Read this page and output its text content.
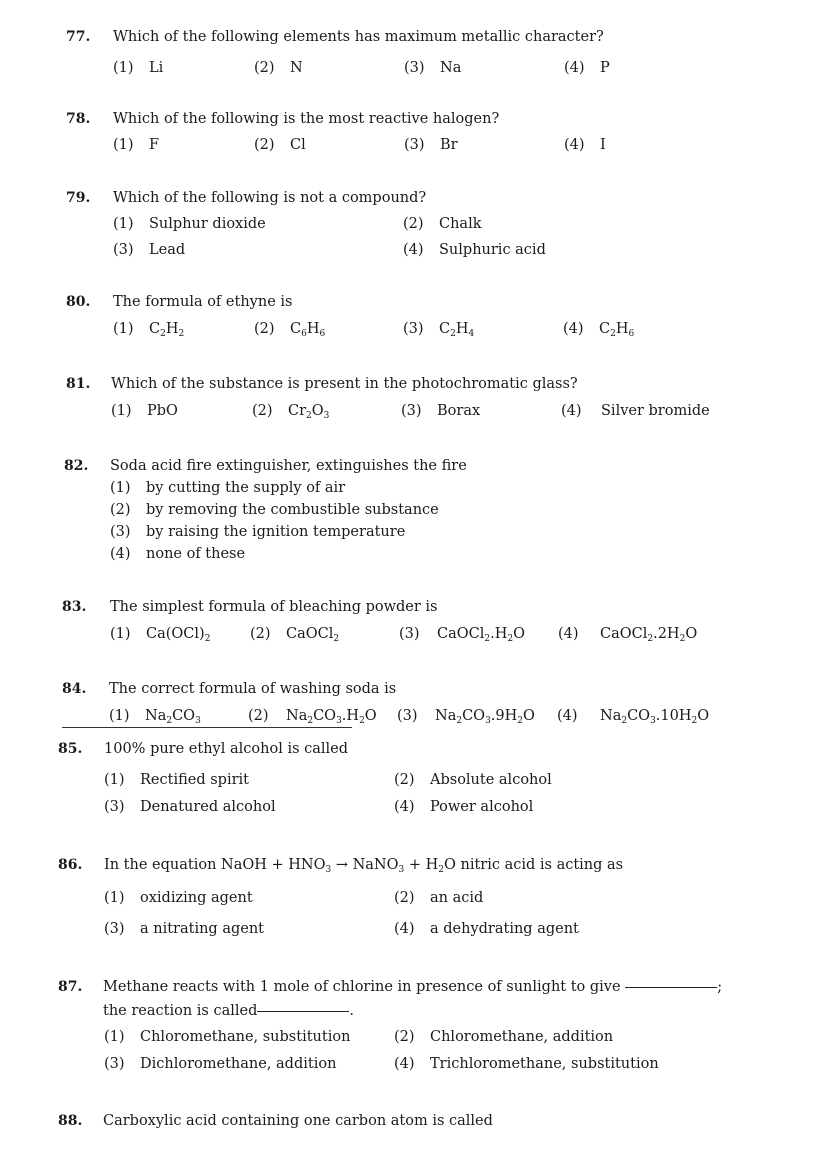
77. Which of the following elements has maximum metallic character?
(1) Li	(2) N	(3) Na	(4) P
78. Which of the following is the most reactive halogen?
(1) F	(2) Cl	(3) Br	(4) I
79. Which of the following is not a compound?
(1) Sulphur dioxide	(2) Chalk
(3) Lead	(4) Sulphuric acid
80. The formula of ethyne is
(1) $C_2H_2$	(2) $C_6H_6$	(3) $C_2H_4$	(4) $C_2H_6$
81. Which of the substance is present in the photochromatic glass?
(1) PbO	(2) $Cr_2O_3$	(3) Borax	(4) Silver bromide
82. Soda acid fire extinguisher, extinguishes the fire
(1) by cutting the supply of air
(2) by removing the combustible substance
(3) by raising the ignition temperature
(4) none of these
83. The simplest formula of bleaching powder is
(1) $Ca(OCl)_2$	(2) CaOCl$_2$	(3) $CaOCl_2.H_2O$ (4) $CaOCl_2.2H_2O$
84. The correct formula of washing soda is
(1) $Na_2CO_3$	(2) $Na_2CO_3.H_2O$ (3) $Na_2CO_3.9H_2O$ (4) $Na_2CO_3.10H_2O$
85. 100% pure ethyl alcohol is called
(1) Rectified spirit	(2) Absolute alcohol
(3) Denatured alcohol	(4) Power alcohol
86. In the equation NaOH + $HNO_3$ → NaNO$_3$ + $H_2O$ nitric acid is acting as
(1) oxidizing agent	(2) an acid
(3) a nitrating agent	(4) a dehydrating agent
87. Methane reacts with 1 mole of chlorine in presence of sunlight to give	;
the reaction is called	.
(1) Chloromethane, substitution	(2) Chloromethane, addition
(3) Dichloromethane, addition	(4) Trichloromethane, substitution
88. Carboxylic acid containing one carbon atom is called
